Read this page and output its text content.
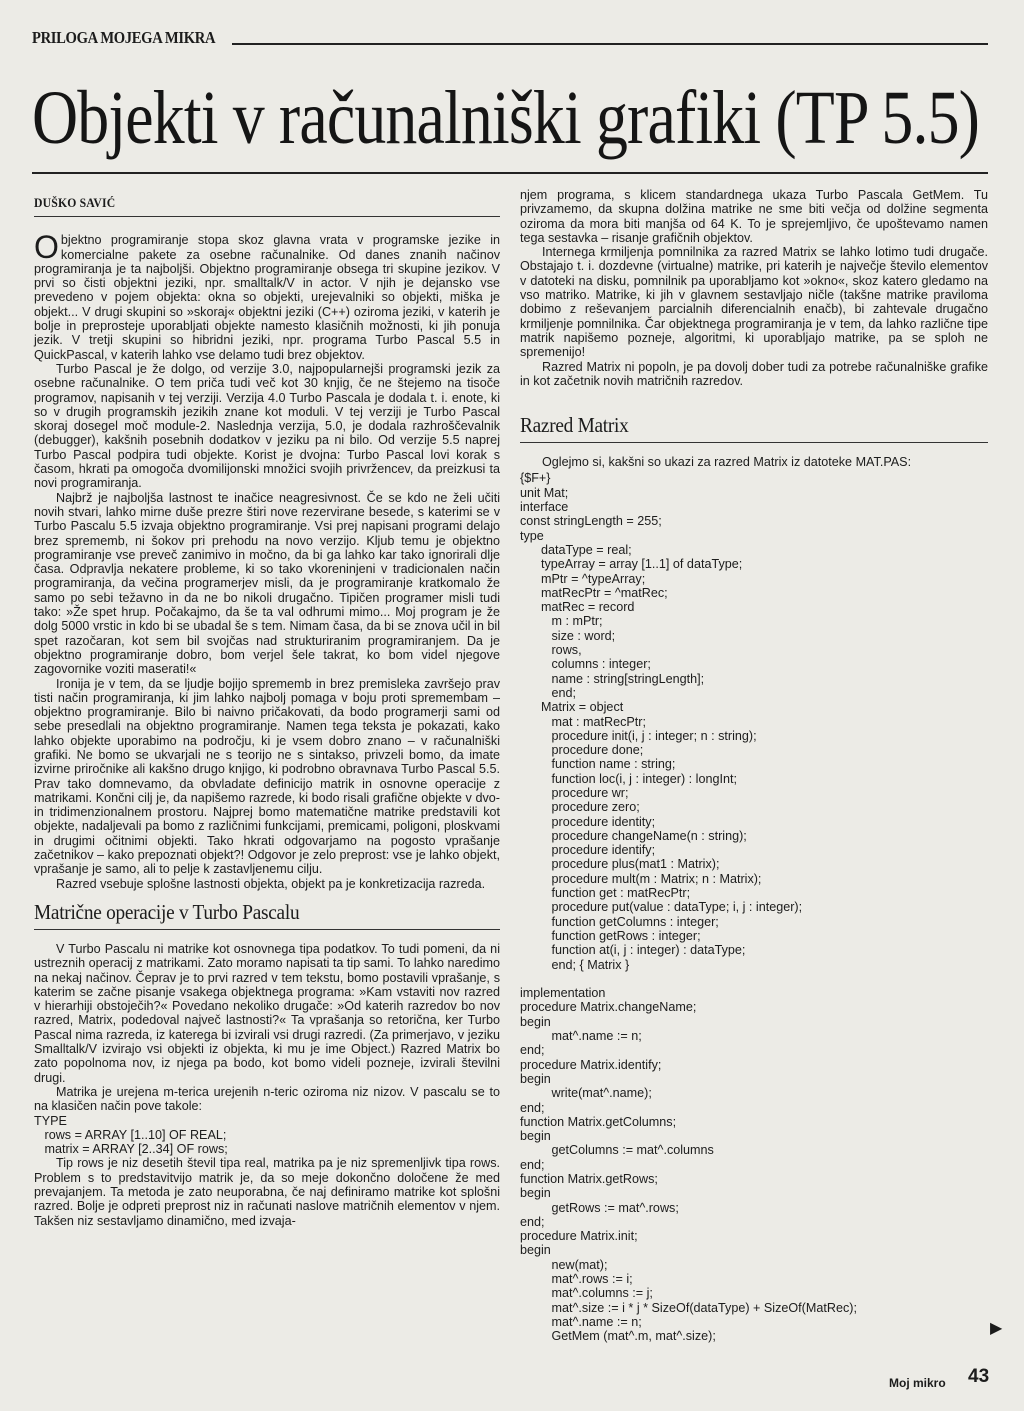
PRILOGA MOJEGA MIKRA
Objekti v računalniški grafiki (TP 5.5)
DUŠKO SAVIĆ

Objektno programiranje stopa skoz glavna vrata v programske jezike in komercialne pakete za osebne računalnike. Od danes znanih načinov programiranja je ta najboljši. Objektno programiranje obsega tri skupine jezikov. V prvi so čisti objektni jeziki, npr. smalltalk/V in actor. V njih je dejansko vse prevedeno v pojem objekta: okna so objekti, urejevalniki so objekti, miška je objekt... V drugi skupini so »skoraj« objektni jeziki (C++) oziroma jeziki, v katerih je bolje in preprosteje uporabljati objekte namesto klasičnih možnosti, ki jih ponuja jezik. V tretji skupini so hibridni jeziki, npr. programa Turbo Pascal 5.5 in QuickPascal, v katerih lahko vse delamo tudi brez objektov.

Turbo Pascal je že dolgo, od verzije 3.0, najpopularnejši programski jezik za osebne računalnike. O tem priča tudi več kot 30 knjig, če ne štejemo na tisoče programov, napisanih v tej verziji. Verzija 4.0 Turbo Pascala je dodala t. i. enote, ki so v drugih programskih jezikih znane kot moduli. V tej verziji je Turbo Pascal skoraj dosegel moč module-2. Naslednja verzija, 5.0, je dodala razhroščevalnik (debugger), kakšnih posebnih dodatkov v jeziku pa ni bilo. Od verzije 5.5 naprej Turbo Pascal podpira tudi objekte. Korist je dvojna: Turbo Pascal lovi korak s časom, hkrati pa omogoča dvomilijonski množici svojih privržencev, da preizkusi ta novi programiranja.

Najbrž je najboljša lastnost te inačice neagresivnost. Če se kdo ne želi učiti novih stvari, lahko mirne duše prezre štiri nove rezervirane besede, s katerimi se v Turbo Pascalu 5.5 izvaja objektno programiranje. Vsi prej napisani programi delajo brez sprememb, ni šokov pri prehodu na novo verzijo. Kljub temu je objektno programiranje vse preveč zanimivo in močno, da bi ga lahko kar tako ignorirali dlje časa. Odpravlja nekatere probleme, ki so tako vkoreninjeni v tradicionalen način programiranja, da večina programerjev misli, da je programiranje kratkomalo že samo po sebi težavno in da ne bo nikoli drugačno. Tipičen programer misli tudi tako: »Že spet hrup. Počakajmo, da še ta val odhrumi mimo... Moj program je že dolg 5000 vrstic in kdo bi se ubadal še s tem. Nimam časa, da bi se znova učil in bil spet razočaran, kot sem bil svojčas nad strukturiranim programiranjem. Da je objektno programiranje dobro, bom verjel šele takrat, ko bom videl njegove zagovornike voziti maserati!«

Ironija je v tem, da se ljudje bojijo sprememb in brez premisleka završejo prav tisti način programiranja, ki jim lahko najbolj pomaga v boju proti spremembam – objektno programiranje. Bilo bi naivno pričakovati, da bodo programerji sami od sebe presedlali na objektno programiranje. Namen tega teksta je pokazati, kako lahko objekte uporabimo na področju, ki je vsem dobro znano – v računalniški grafiki. Ne bomo se ukvarjali ne s teorijo ne s sintakso, privzeli bomo, da imate izvirne priročnike ali kakšno drugo knjigo, ki podrobno obravnava Turbo Pascal 5.5. Prav tako domnevamo, da obvladate definicijo matrik in osnovne operacije z matrikami. Končni cilj je, da napišemo razrede, ki bodo risali grafične objekte v dvo- in tridimenzionalnem prostoru. Najprej bomo matematične matrike predstavili kot objekte, nadaljevali pa bomo z različnimi funkcijami, premicami, poligoni, ploskvami in drugimi očitnimi objekti. Tako hkrati odgovarjamo na pogosto vprašanje začetnikov – kako prepoznati objekt?! Odgovor je zelo preprost: vse je lahko objekt, vprašanje je samo, ali to pelje k zastavljenemu cilju.

Razred vsebuje splošne lastnosti objekta, objekt pa je konkretizacija razreda.

Matrične operacije v Turbo Pascalu

V Turbo Pascalu ni matrike kot osnovnega tipa podatkov. To tudi pomeni, da ni ustreznih operacij z matrikami. Zato moramo napisati ta tip sami. To lahko naredimo na nekaj načinov. Čeprav je to prvi razred v tem tekstu, bomo postavili vprašanje, s katerim se začne pisanje vsakega objektnega programa: »Kam vstaviti nov razred v hierarhiji obstoječih?« Povedano nekoliko drugače: »Od katerih razredov bo nov razred, Matrix, podedoval največ lastnosti?« Ta vprašanja so retorična, ker Turbo Pascal nima razreda, iz katerega bi izvirali vsi drugi razredi. (Za primerjavo, v jeziku Smalltalk/V izvirajo vsi objekti iz objekta, ki mu je ime Object.) Razred Matrix bo zato popolnoma nov, iz njega pa bodo, kot bomo videli pozneje, izvirali številni drugi.

Matrika je urejena m-terica urejenih n-teric oziroma niz nizov. V pascalu se to na klasičen način pove takole:

TYPE
rows = ARRAY [1..10] OF REAL;
matrix = ARRAY [2..34] OF rows;

Tip rows je niz desetih števil tipa real, matrika pa je niz spremenljivk tipa rows. Problem s to predstavitvijo matrik je, da so meje dokončno določene že med prevajanjem. Ta metoda je zato neuporabna, če naj definiramo matrike kot splošni razred. Bolje je odpreti preprost niz in računati naslove matričnih elementov v njem. Takšen niz sestavljamo dinamično, med izvaja-

njem programa, s klicem standardnega ukaza Turbo Pascala GetMem. Tu privzamemo, da skupna dolžina matrike ne sme biti večja od dolžine segmenta oziroma da mora biti manjša od 64 K. To je sprejemljivo, če upoštevamo namen tega sestavka – risanje grafičnih objektov.

Internega krmiljenja pomnilnika za razred Matrix se lahko lotimo tudi drugače. Obstajajo t. i. dozdevne (virtualne) matrike, pri katerih je največje število elementov v datoteki na disku, pomnilnik pa uporabljamo kot »okno«, skoz katero gledamo na vso matriko. Matrike, ki jih v glavnem sestavljajo ničle (takšne matrike praviloma dobimo z reševanjem parcialnih diferencialnih enačb), bi zahtevale drugačno krmiljenje pomnilnika. Čar objektnega programiranja je v tem, da lahko različne tipe matrik napišemo pozneje, algoritmi, ki uporabljajo matrike, pa se sploh ne spremenijo!

Razred Matrix ni popoln, je pa dovolj dober tudi za potrebe računalniške grafike in kot začetnik novih matričnih razredov.

Razred Matrix

Oglejmo si, kakšni so ukazi za razred Matrix iz datoteke MAT.PAS:

{$F+}
unit Mat;
interface
const stringLength = 255;
type
dataType = real;
typeArray = array [1..1] of dataType;
mPtr = ^typeArray;
matRecPtr = ^matRec;
matRec = record
m : mPtr;
size : word;
rows,
columns : integer;
name : string[stringLength];
end;
Matrix = object
mat : matRecPtr;
procedure init(i, j : integer; n : string);
procedure done;
function name : string;
function loc(i, j : integer) : longInt;
procedure wr;
procedure zero;
procedure identity;
procedure changeName(n : string);
procedure identify;
procedure plus(mat1 : Matrix);
procedure mult(m : Matrix; n : Matrix);
function get : matRecPtr;
procedure put(value : dataType; i, j : integer);
function getColumns : integer;
function getRows : integer;
function at(i, j : integer) : dataType;
end; { Matrix }

implementation
procedure Matrix.changeName;
begin
mat^.name := n;
end;
procedure Matrix.identify;
begin
write(mat^.name);
end;
function Matrix.getColumns;
begin
getColumns := mat^.columns
end;
function Matrix.getRows;
begin
getRows := mat^.rows;
end;
procedure Matrix.init;
begin
new(mat);
mat^.rows := i;
mat^.columns := j;
mat^.size := i * j * SizeOf(dataType) + SizeOf(MatRec);
mat^.name := n;
GetMem (mat^.m, mat^.size);	▶
Moj mikro 43
